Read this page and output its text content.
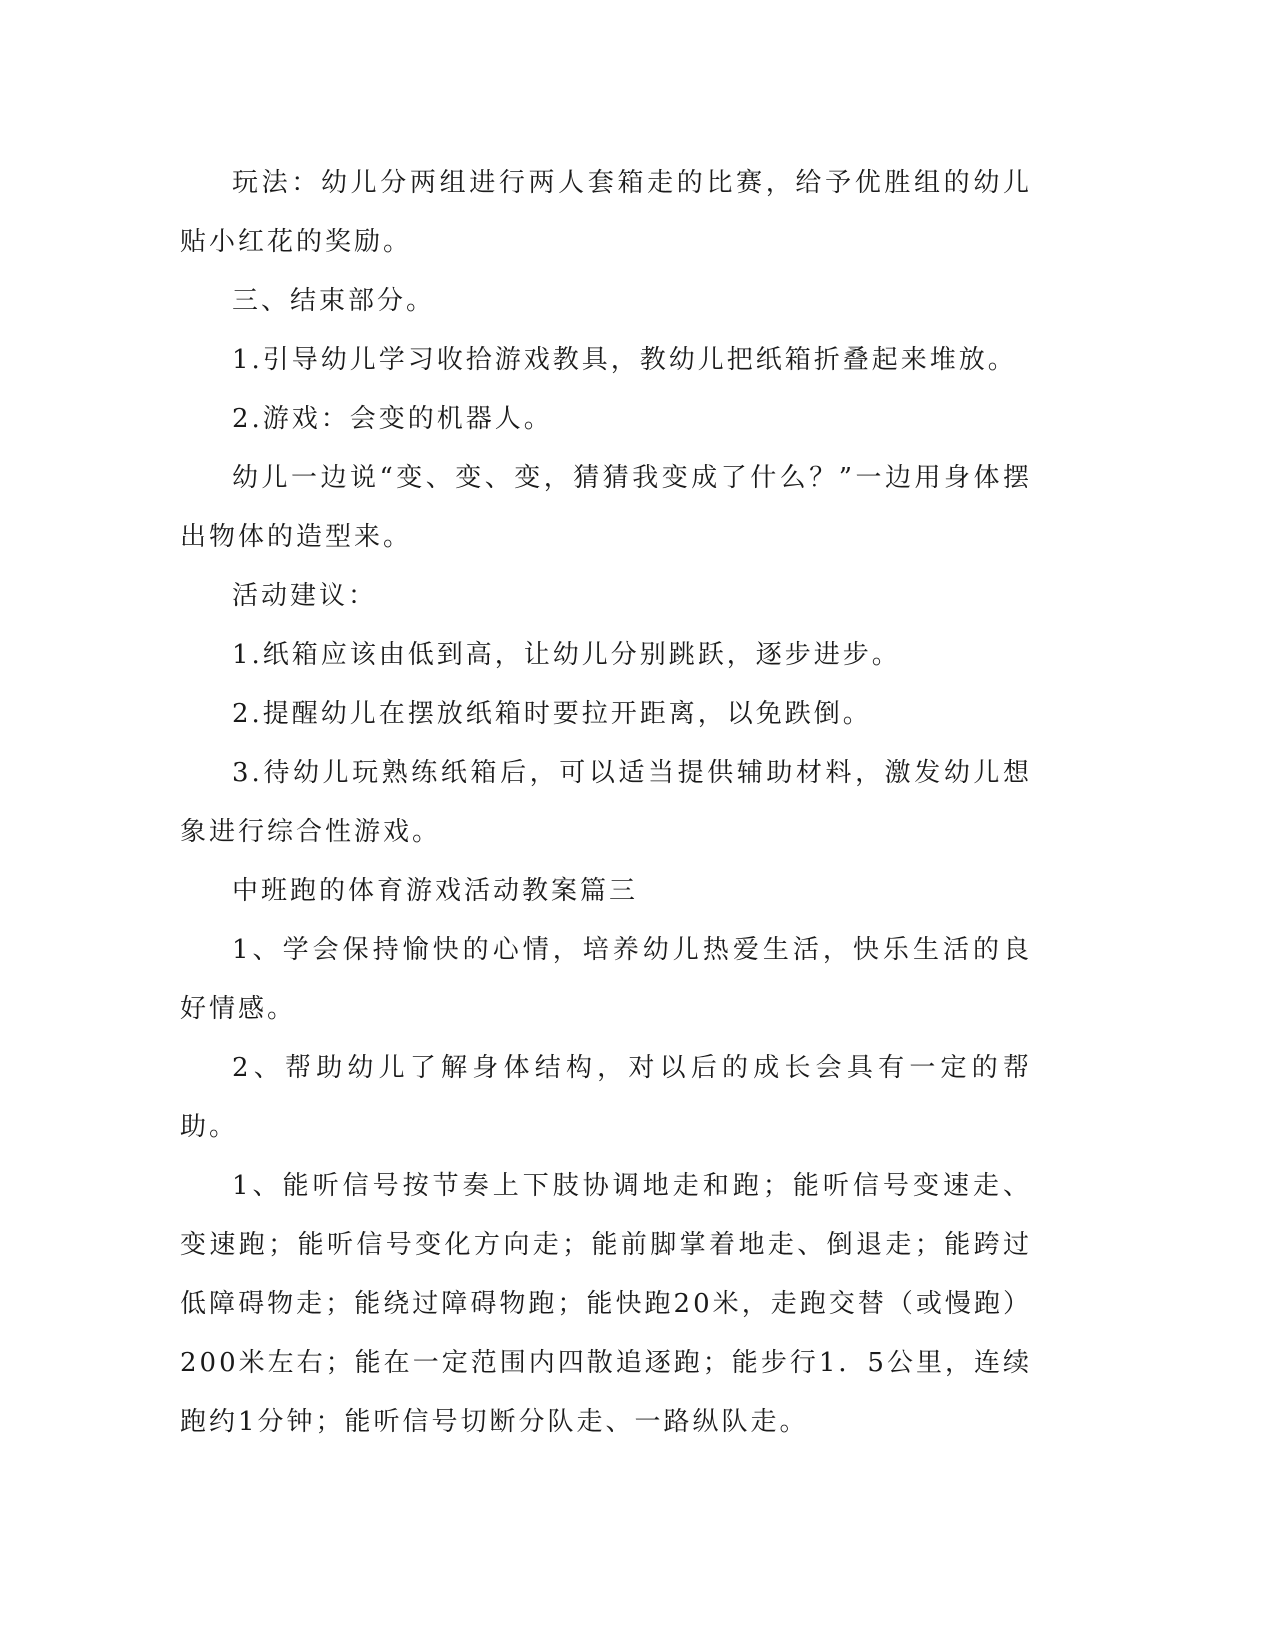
玩法：幼儿分两组进行两人套箱走的比赛，给予优胜组的幼儿贴小红花的奖励。

三、结束部分。

1.引导幼儿学习收拾游戏教具，教幼儿把纸箱折叠起来堆放。

2.游戏：会变的机器人。

幼儿一边说“变、变、变，猜猜我变成了什么？”一边用身体摆出物体的造型来。

活动建议：

1.纸箱应该由低到高，让幼儿分别跳跃，逐步进步。

2.提醒幼儿在摆放纸箱时要拉开距离，以免跌倒。

3.待幼儿玩熟练纸箱后，可以适当提供辅助材料，激发幼儿想象进行综合性游戏。

中班跑的体育游戏活动教案篇三

1、学会保持愉快的心情，培养幼儿热爱生活，快乐生活的良好情感。

2、帮助幼儿了解身体结构，对以后的成长会具有一定的帮助。

1、能听信号按节奏上下肢协调地走和跑；能听信号变速走、变速跑；能听信号变化方向走；能前脚掌着地走、倒退走；能跨过低障碍物走；能绕过障碍物跑；能快跑20米，走跑交替（或慢跑）200米左右；能在一定范围内四散追逐跑；能步行1．5公里，连续跑约1分钟；能听信号切断分队走、一路纵队走。
